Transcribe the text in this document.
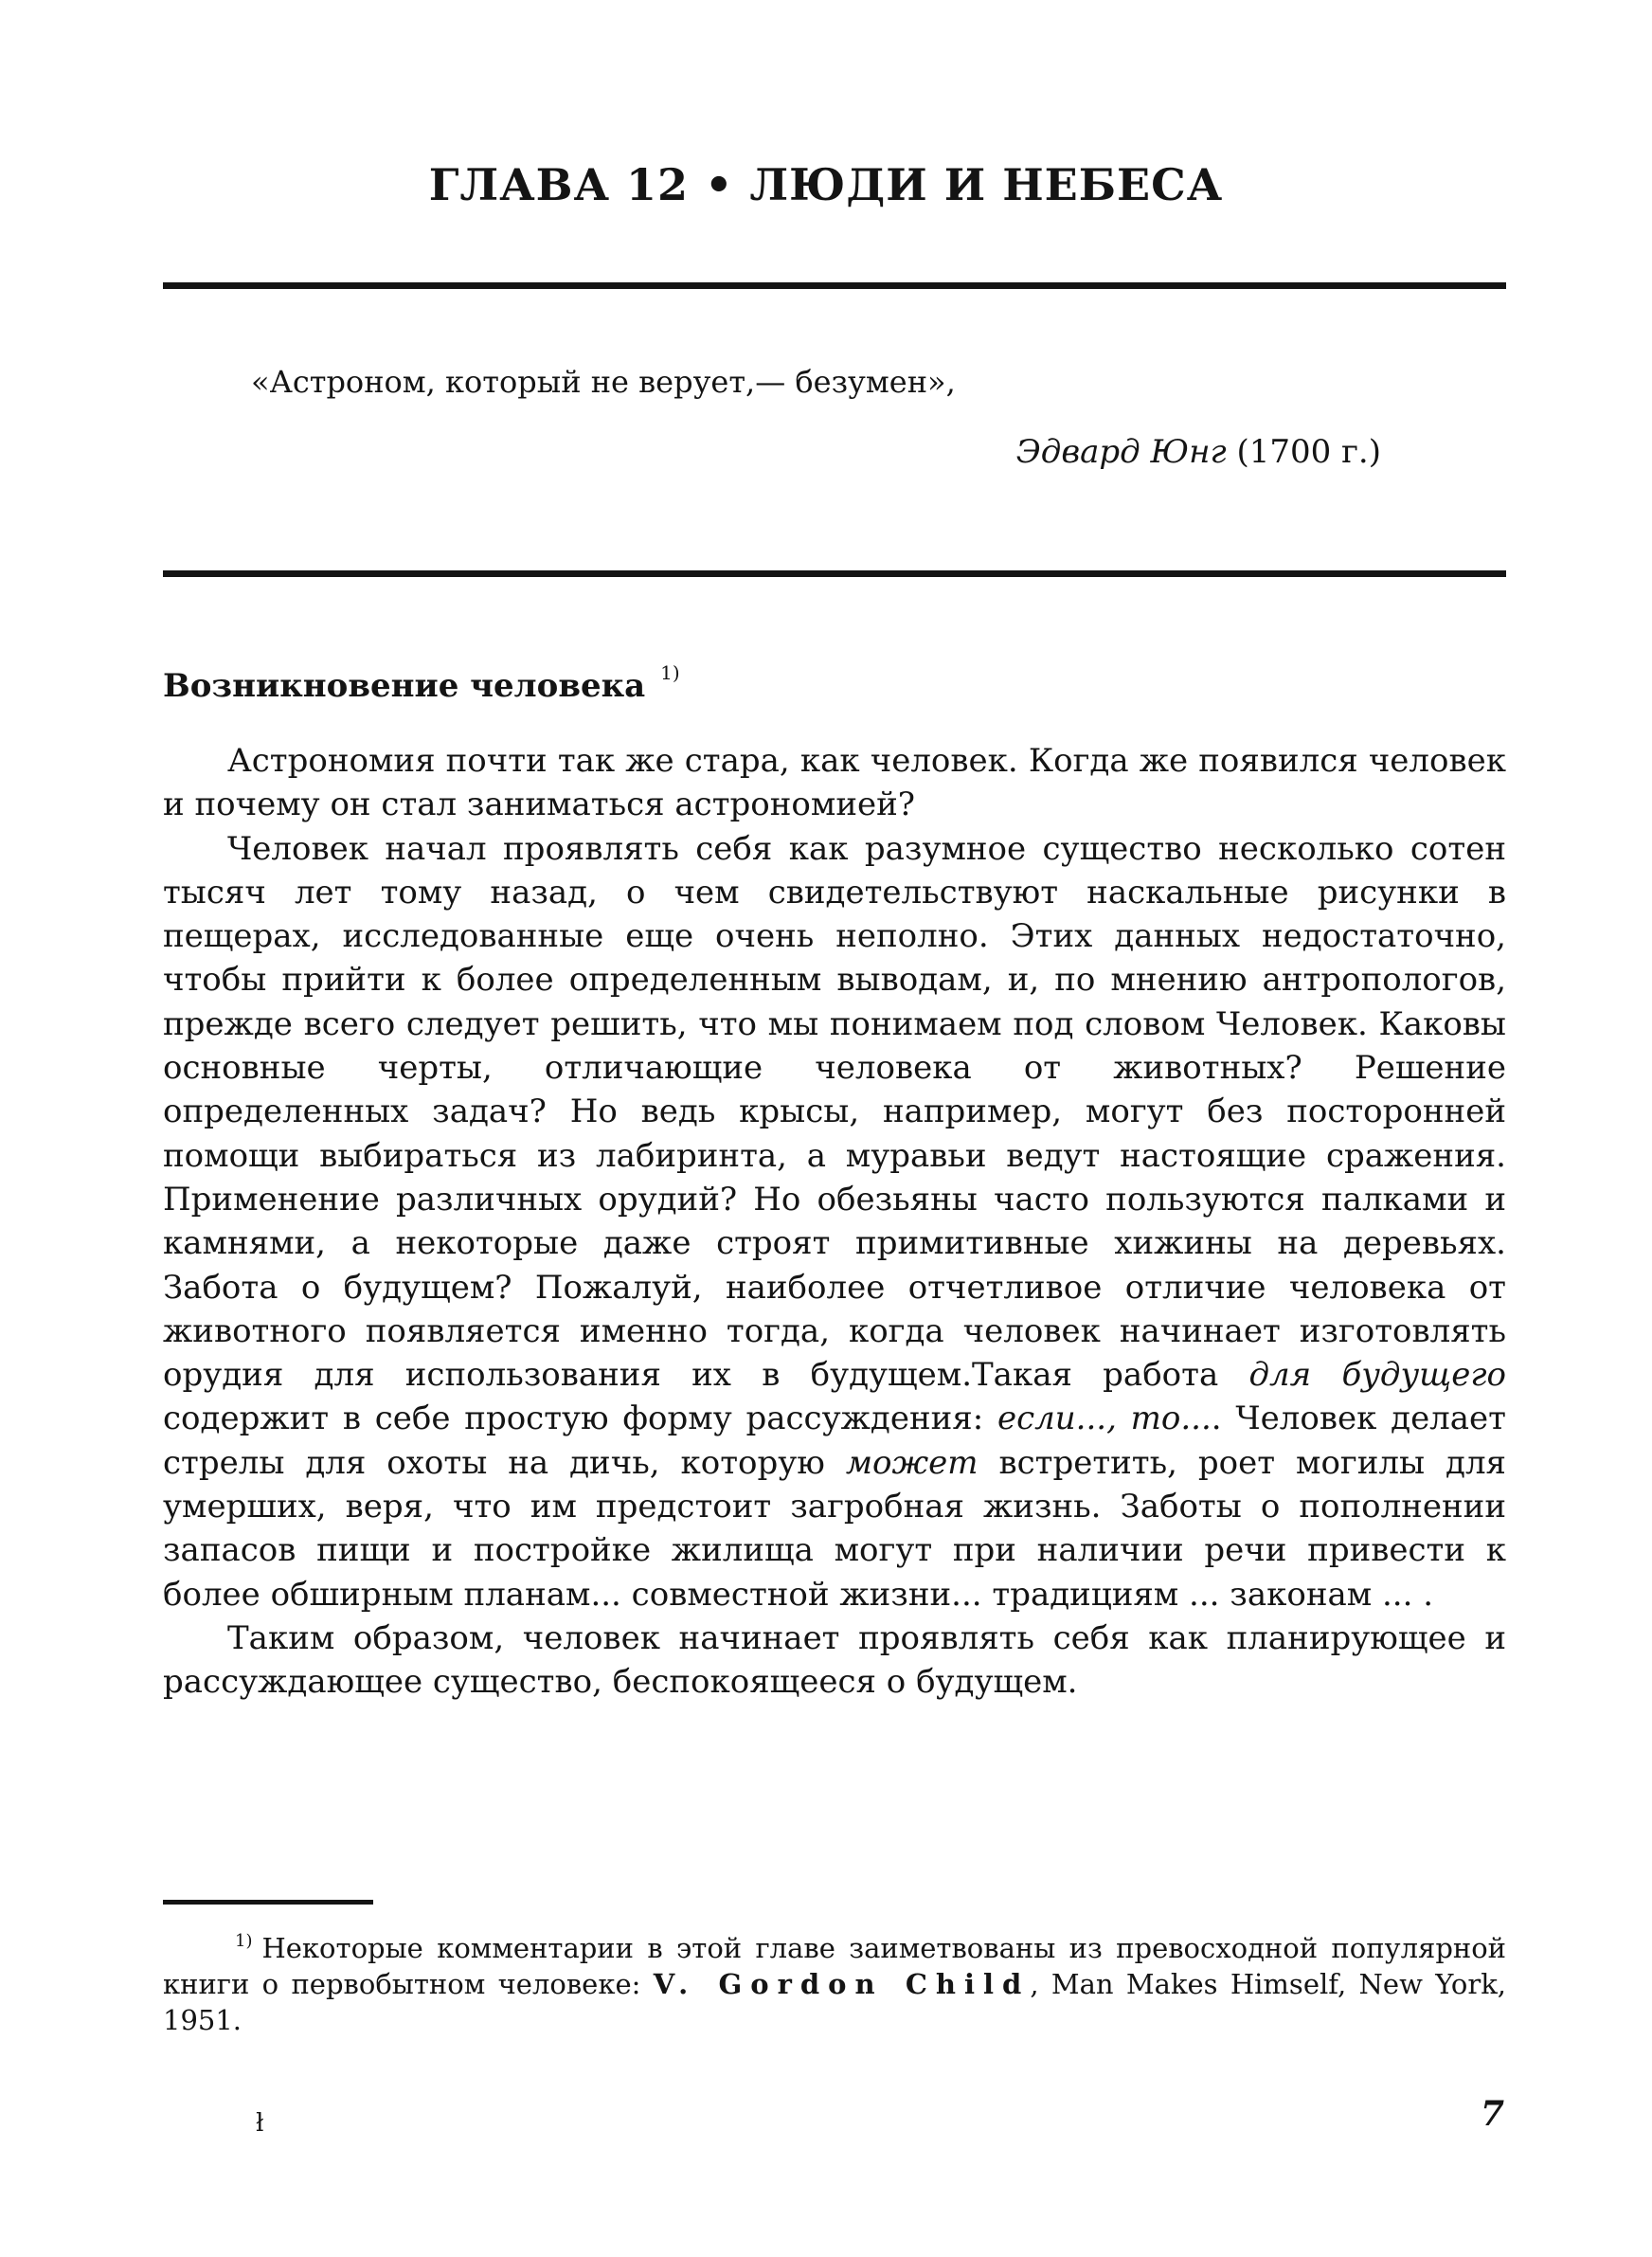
ГЛАВА 12 • ЛЮДИ И НЕБЕСА
«Астроном, который не верует,— безумен»,
Эдвард Юнг (1700 г.)
Возникновение человека $^{1)}$

Астрономия почти так же стара, как человек. Когда же появился человек и почему он стал заниматься астрономией?

Человек начал проявлять себя как разумное существо несколько сотен тысяч лет тому назад, о чем свидетельствуют наскальные рисунки в пещерах, исследованные еще очень неполно. Этих данных недостаточно, чтобы прийти к более определенным выводам, и, по мнению антропологов, прежде всего следует решить, что мы понимаем под словом Человек. Каковы основные черты, отличающие человека от животных? Решение определенных задач? Но ведь крысы, например, могут без посторонней помощи выбираться из лабиринта, а муравьи ведут настоящие сражения. Применение различных орудий? Но обезьяны часто пользуются палками и камнями, а некоторые даже строят примитивные хижины на деревьях. Забота о будущем? Пожалуй, наиболее отчетливое отличие человека от животного появляется именно тогда, когда человек начинает изготовлять орудия для использования их в будущем.Такая работа для будущего содержит в себе простую форму рассуждения: если..., то.... Человек делает стрелы для охоты на дичь, которую может встретить, роет могилы для умерших, веря, что им предстоит загробная жизнь. Заботы о пополнении запасов пищи и постройке жилища могут при наличии речи привести к более обширным планам... совместной жизни... традициям ... законам ... .

Таким образом, человек начинает проявлять себя как планирующее и рассуждающее существо, беспокоящееся о будущем.

$^{1)}$ Некоторые комментарии в этой главе заиметвованы из превосходной популярной книги о первобытном человеке: V. Gordon Child, Man Makes Himself, New York, 1951.
ł	7
